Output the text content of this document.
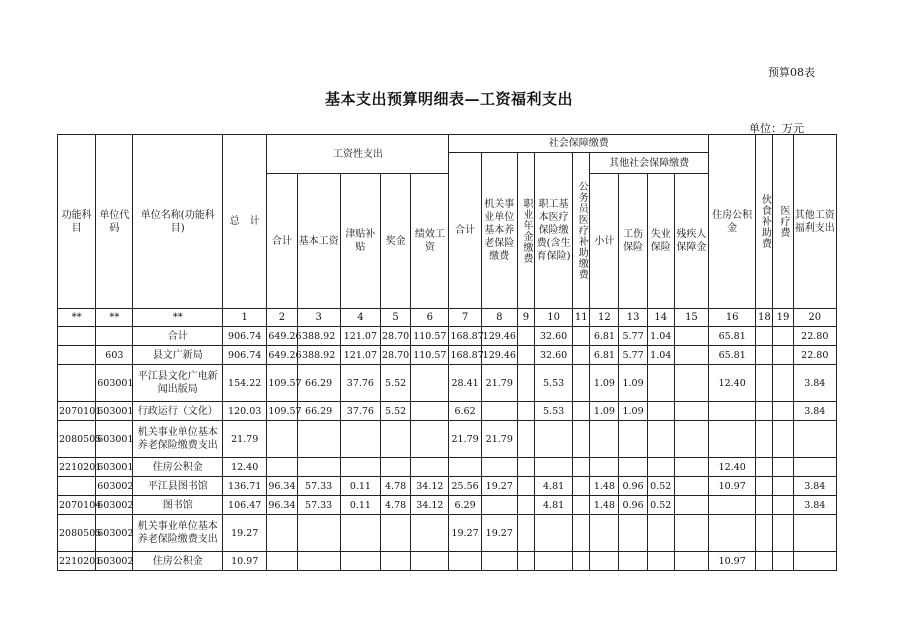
预算08表
基本支出预算明细表—工资福利支出
单位：万元
功能科目	单位代码	单位名称(功能科目)	总　计	工资性支出					社会保障缴费									住房公积金	伙食补助费	医疗费	其他工资福利支出
									合计	机关事业单位基本养老保险缴费	职业年金缴费	职工基本医疗保险缴费(含生育保险)	公务员医疗补助缴费	其他社会保障缴费							
				合计	基本工资	津贴补贴	奖金	绩效工资						小计	工伤保险	失业保险	残疾人保障金				
**	**	**	1	2	3	4	5	6	7	8	9	10	11	12	13	14	15	16	18	19	20
		合计	906.74	649.26	388.92	121.07	28.70	110.57	168.87	129.46		32.60		6.81	5.77	1.04		65.81			22.80
	603	县文广新局	906.74	649.26	388.92	121.07	28.70	110.57	168.87	129.46		32.60		6.81	5.77	1.04		65.81			22.80
	603001	平江县文化广电新闻出版局	154.22	109.57	66.29	37.76	5.52		28.41	21.79		5.53		1.09	1.09			12.40			3.84
2070101	603001	行政运行（文化）	120.03	109.57	66.29	37.76	5.52		6.62			5.53		1.09	1.09						3.84
2080505	603001	机关事业单位基本养老保险缴费支出	21.79						21.79	21.79											
2210201	603001	住房公积金	12.40															12.40			
	603002	平江县图书馆	136.71	96.34	57.33	0.11	4.78	34.12	25.56	19.27		4.81		1.48	0.96	0.52		10.97			3.84
2070104	603002	图书馆	106.47	96.34	57.33	0.11	4.78	34.12	6.29			4.81		1.48	0.96	0.52					3.84
2080505	603002	机关事业单位基本养老保险缴费支出	19.27						19.27	19.27											
2210201	603002	住房公积金	10.97															10.97			
